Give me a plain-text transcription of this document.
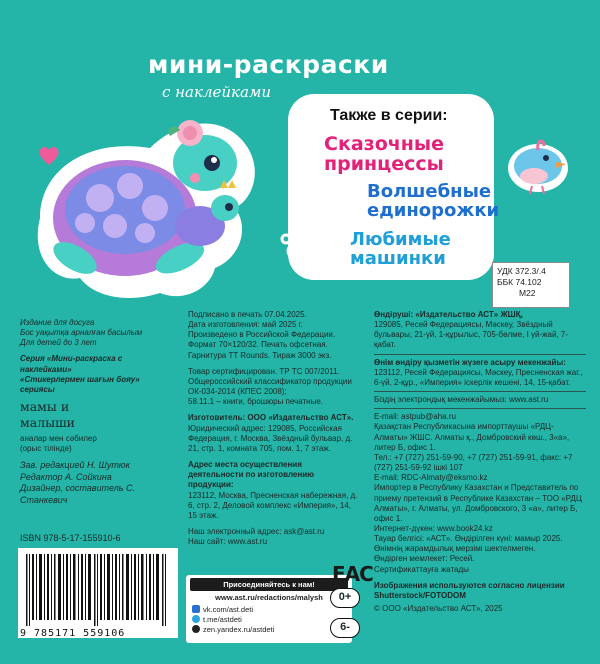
мини-раскраски
с наклейками
Также в серии:
Сказочные принцессы
Волшебные единорожки
Любимые машинки
УДК 372.3/.4
ББК 74.102
М22
Издание для досуга
Бос уақытқа арналған басылым
Для детей до 3 лет
Серия «Мини-раскраска с наклейками»
«Стикерлермен шағын бояу» сериясы
мамы и малыши
аналар мен сәбилер
(орыс тілінде)
Зав. редакцией Н. Шутюк
Редактор А. Сойкина
Дизайнер, составитель С. Станкевич
ISBN 978-5-17-155910-6
9 785171 559106
Подписано в печать 07.04.2025.
Дата изготовления: май 2025 г.
Произведено в Российской Федерации.
Формат 70×120/32. Печать офсетная.
Гарнитура TT Rounds. Тираж 3000 экз.
Товар сертифицирован. ТР ТС 007/2011.
Общероссийский классификатор продукции ОК-034-2014 (КПЕС 2008);
58.11.1 – книги, брошюры печатные.
Изготовитель: ООО «Издательство АСТ».
Юридический адрес: 129085, Российская Федерация, г. Москва, Звёздный бульвар, д. 21, стр. 1, комната 705, пом. 1, 7 этаж.
Адрес места осуществления деятельности по изготовлению продукции:
123112, Москва, Пресненская набережная, д. 6, стр. 2, Деловой комплекс «Империя», 14, 15 этаж.
Наш электронный адрес: ask@ast.ru
Наш сайт: www.ast.ru
Присоединяйтесь к нам!
www.ast.ru/redactions/malysh
vk.com/ast.deti
t.me/astdeti
zen.yandex.ru/astdeti
ЕАС
0+
6-
Өндіруші: «Издательство АСТ» ЖШҚ,
129085, Ресей Федерациясы, Мәскеу, Звёздный бульвары, 21-үй, 1-құрылыс, 705-бөлме, І үй-жай, 7-қабат.
Өнім өндіру қызметін жүзеге асыру мекенжайы:
123112, Ресей Федерациясы, Мәскеу, Пресненская жаг., 6-үй, 2-құр., «Империя» іскерлік кешені, 14, 15-қабат.
Біздің электрондық мекенжайымыз: www.ast.ru
E-mail: astpub@aha.ru
Қазақстан Республикасына импорттаушы «РДЦ-Алматы» ЖШС. Алматы қ., Домбровский көш., 3«а», литер Б, офис 1.
Тел.: +7 (727) 251-59-90, +7 (727) 251-59-91, факс: +7 (727) 251-59-92 ішкі 107
E-mail: RDC-Almaty@eksmo.kz
Импортер в Республику Казахстан и Представитель по приему претензий в Республике Казахстан – ТОО «РДЦ Алматы», г. Алматы, ул. Домбровского, 3 «а», литер Б, офис 1.
Интернет-дүкен: www.book24.kz
Тауар белгісі: «АСТ». Өндірілген күні: мамыр 2025.
Өнімнің жарамдылық мерзімі шектелмеген.
Өндірген мемлекет: Ресей.
Сертификаттауға жатады
Изображения используются согласно лицензии Shutterstock/FOTODOM
© ООО «Издательство АСТ», 2025
